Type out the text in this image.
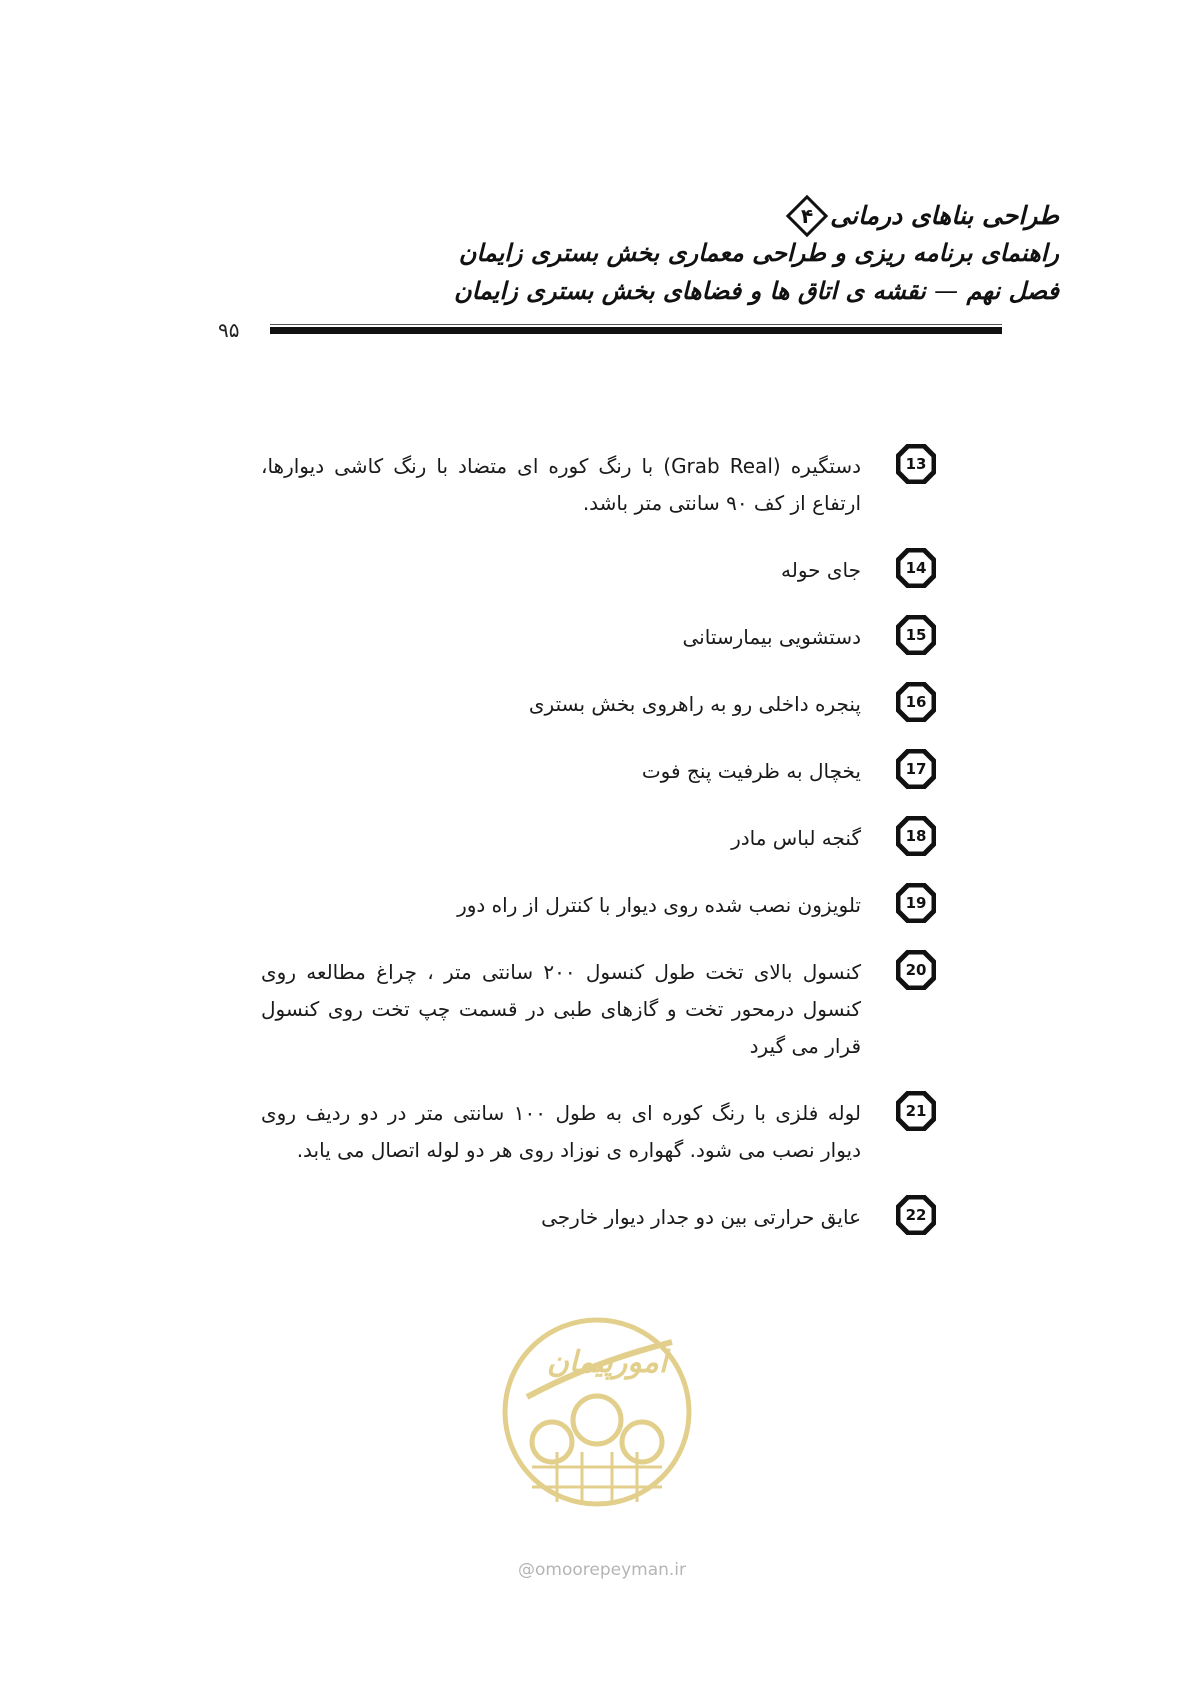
طراحی بناهای درمانی
۴
راهنمای برنامه ریزی و طراحی معماری بخش بستری زایمان
فصل نهم — نقشه ی اتاق ها و فضاهای بخش بستری زایمان
۹۵
13
دستگیره (Grab Real) با رنگ کوره ای متضاد با رنگ کاشی دیوارها، ارتفاع از کف ۹۰ سانتی متر باشد.
14
جای حوله
15
دستشویی بیمارستانی
16
پنجره داخلی رو به راهروی بخش بستری
17
یخچال به ظرفیت پنج فوت
18
گنجه لباس مادر
19
تلویزون نصب شده روی دیوار با کنترل از راه دور
20
کنسول بالای تخت طول کنسول ۲۰۰ سانتی متر ، چراغ مطالعه روی کنسول درمحور تخت و گازهای طبی در قسمت چپ تخت روی کنسول قرار می گیرد
21
لوله فلزی با رنگ کوره ای به طول ۱۰۰ سانتی متر در دو ردیف روی دیوار نصب می شود. گهواره ی نوزاد روی هر دو لوله اتصال می یابد.
22
عایق حرارتی بین دو جدار دیوار خارجی
امورپیمان
@omoorepeyman.ir
